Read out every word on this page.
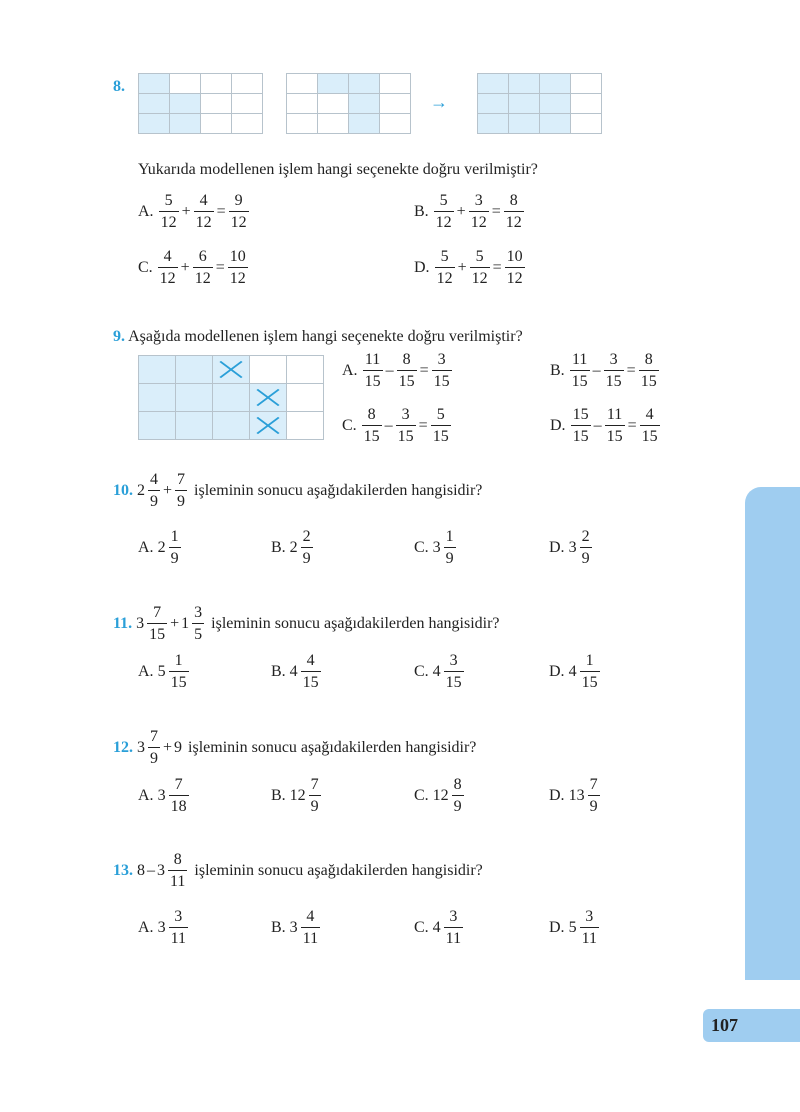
8.
→
Yukarıda modellenen işlem hangi seçenekte doğru verilmiştir?
A. $\frac{5}{12} + \frac{4}{12} = \frac{9}{12}$	B. $\frac{5}{12} + \frac{3}{12} = \frac{8}{12}$
C. $\frac{4}{12} + \frac{6}{12} = \frac{10}{12}$	D. $\frac{5}{12} + \frac{5}{12} = \frac{10}{12}$
9. Aşağıda modellenen işlem hangi seçenekte doğru verilmiştir?
A. $\frac{11}{15} - \frac{8}{15} = \frac{3}{15}$	B. $\frac{11}{15} - \frac{3}{15} = \frac{8}{15}$
C. $\frac{8}{15} - \frac{3}{15} = \frac{5}{15}$	D. $\frac{15}{15} - \frac{11}{15} = \frac{4}{15}$
10. $2 \frac{4}{9} + \frac{7}{9}$ işleminin sonucu aşağıdakilerden hangisidir?
A. $2 \frac{1}{9}$	B. $2 \frac{2}{9}$	C. $3 \frac{1}{9}$	D. $3 \frac{2}{9}$
11. $3 \frac{7}{15} + 1 \frac{3}{5}$ işleminin sonucu aşağıdakilerden hangisidir?
A. $5 \frac{1}{15}$	B. $4 \frac{4}{15}$	C. $4 \frac{3}{15}$	D. $4 \frac{1}{15}$
12. $3 \frac{7}{9} + 9$ işleminin sonucu aşağıdakilerden hangisidir?
A. $3 \frac{7}{18}$	B. $12 \frac{7}{9}$	C. $12 \frac{8}{9}$	D. $13 \frac{7}{9}$
13. $8 - 3 \frac{8}{11}$ işleminin sonucu aşağıdakilerden hangisidir?
A. $3 \frac{3}{11}$	B. $3 \frac{4}{11}$	C. $4 \frac{3}{11}$	D. $5 \frac{3}{11}$
107
